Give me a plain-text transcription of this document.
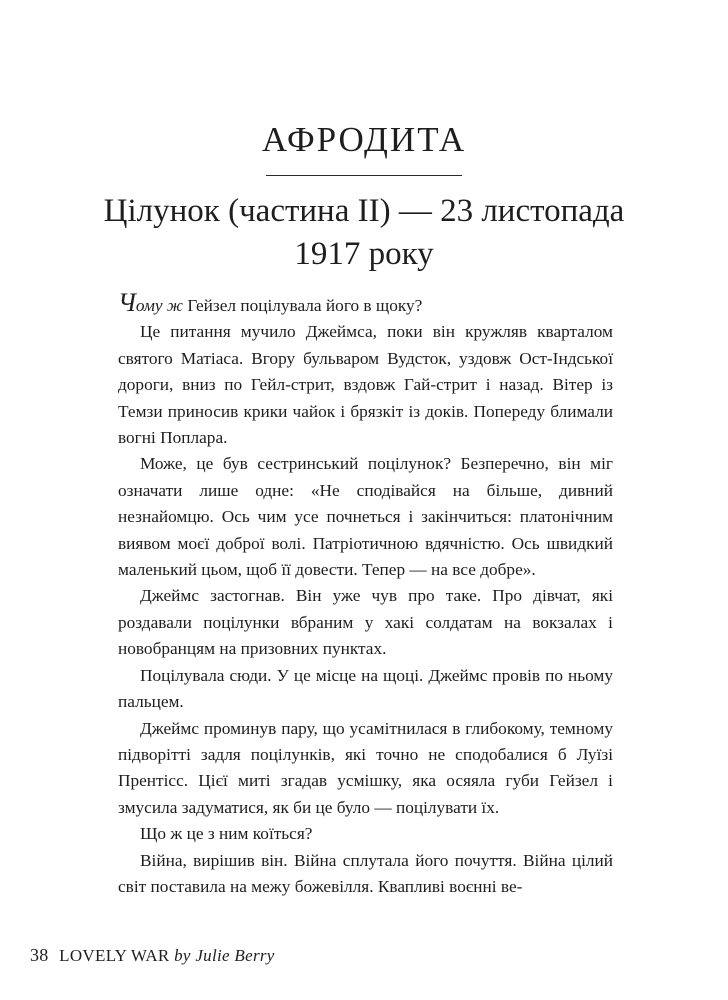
АФРОДИТА
Цілунок (частина II) — 23 листопада
1917 року

Чому ж Гейзел поцілувала його в щоку?

Це питання мучило Джеймса, поки він кружляв кварталом святого Матіаса. Вгору бульваром Вудсток, уздовж Ост-Індської дороги, вниз по Гейл-стрит, вздовж Гай-стрит і назад. Вітер із Темзи приносив крики чайок і брязкіт із доків. Попереду блимали вогні Поплара.

Може, це був сестринський поцілунок? Безперечно, він міг означати лише одне: «Не сподівайся на більше, дивний незнайомцю. Ось чим усе почнеться і закінчиться: платонічним виявом моєї доброї волі. Патріотичною вдячністю. Ось швидкий маленький цьом, щоб її довести. Тепер — на все добре».

Джеймс застогнав. Він уже чув про таке. Про дівчат, які роздавали поцілунки вбраним у хакі солдатам на вокзалах і новобранцям на призовних пунктах.

Поцілувала сюди. У це місце на щоці. Джеймс провів по ньому пальцем.

Джеймс проминув пару, що усамітнилася в глибокому, темному підворітті задля поцілунків, які точно не сподобалися б Луїзі Прентісс. Цієї миті згадав усмішку, яка осяяла губи Гейзел і змусила задуматися, як би це було — поцілувати їх.

Що ж це з ним коїться?

Війна, вирішив він. Війна сплутала його почуття. Війна цілий світ поставила на межу божевілля. Квапливі воєнні ве-

38 LOVELY WAR by Julie Berry
